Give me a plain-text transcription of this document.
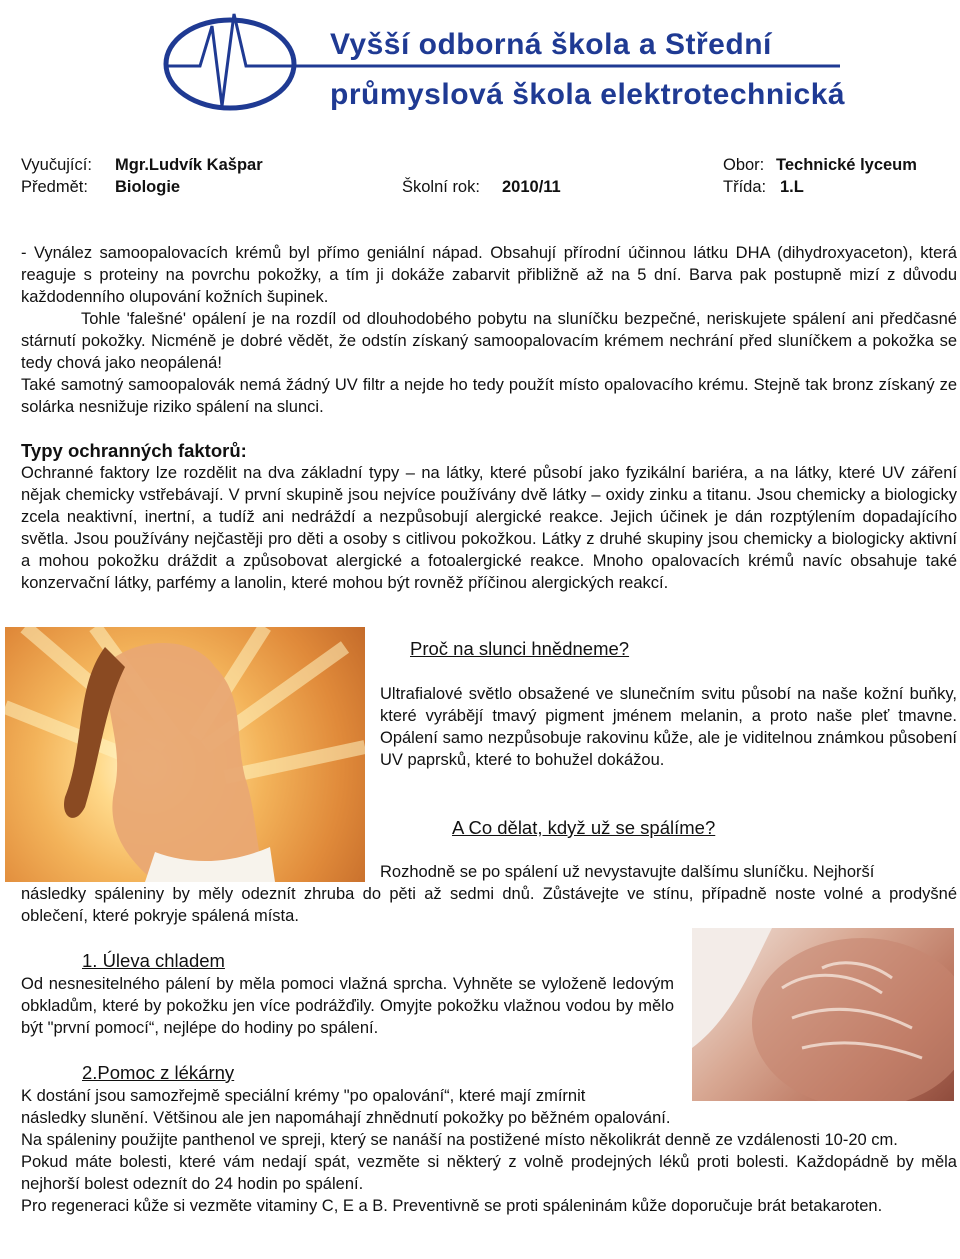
Vyšší odborná škola a Střední
průmyslová škola elektrotechnická
Vyučující: Mgr.Ludvík Kašpar	Obor: Technické lyceum
Předmět: Biologie	Školní rok: 2010/11	Třída: 1.L

- Vynález samoopalovacích krémů byl přímo geniální nápad. Obsahují přírodní účinnou látku DHA (dihydroxyaceton), která reaguje s proteiny na povrchu pokožky, a tím ji dokáže zabarvit přibližně až na 5 dní. Barva pak postupně mizí z důvodu každodenního olupování kožních šupinek.

Tohle 'falešné' opálení je na rozdíl od dlouhodobého pobytu na sluníčku bezpečné, neriskujete spálení ani předčasné stárnutí pokožky. Nicméně je dobré vědět, že odstín získaný samoopalovacím krémem nechrání před sluníčkem a pokožka se tedy chová jako neopálená!

Také samotný samoopalovák nemá žádný UV filtr a nejde ho tedy použít místo opalovacího krému. Stejně tak bronz získaný ze solárka nesnižuje riziko spálení na slunci.

Typy ochranných faktorů:

Ochranné faktory lze rozdělit na dva základní typy – na látky, které působí jako fyzikální bariéra, a na látky, které UV záření nějak chemicky vstřebávají. V první skupině jsou nejvíce používány dvě látky – oxidy zinku a titanu. Jsou chemicky a biologicky zcela neaktivní, inertní, a tudíž ani nedráždí a nezpůsobují alergické reakce. Jejich účinek je dán rozptýlením dopadajícího světla. Jsou používány nejčastěji pro děti a osoby s citlivou pokožkou. Látky z druhé skupiny jsou chemicky a biologicky aktivní a mohou pokožku dráždit a způsobovat alergické a fotoalergické reakce. Mnoho opalovacích krémů navíc obsahuje také konzervační látky, parfémy a lanolin, které mohou být rovněž příčinou alergických reakcí.

Proč na slunci hnědneme?
Ultrafialové světlo obsažené ve slunečním svitu působí na naše kožní buňky, které vyrábějí tmavý pigment jménem melanin, a proto naše pleť tmavne. Opálení samo nezpůsobuje rakovinu kůže, ale je viditelnou známkou působení UV paprsků, které to bohužel dokážou.
A Co dělat, když už se spálíme?
Rozhodně se po spálení už nevystavujte dalšímu sluníčku. Nejhorší

následky spáleniny by měly odeznít zhruba do pěti až sedmi dnů. Zůstávejte ve stínu, případně noste volné a prodyšné oblečení, které pokryje spálená místa.

1. Úleva chladem
Od nesnesitelného pálení by měla pomoci vlažná sprcha. Vyhněte se vyloženě ledovým obkladům, které by pokožku jen více podrážďily. Omyjte pokožku vlažnou vodou by mělo být "první pomocí“, nejlépe do hodiny po spálení.
2.Pomoc z lékárny
K dostání jsou samozřejmě speciální krémy "po opalování“, které mají zmírnit

následky slunění. Většinou ale jen napomáhají zhnědnutí pokožky po běžném opalování.

Na spáleniny použijte panthenol ve spreji, který se nanáší na postižené místo několikrát denně ze vzdálenosti 10-20 cm.

Pokud máte bolesti, které vám nedají spát, vezměte si některý z volně prodejných léků proti bolesti. Každopádně by měla nejhorší bolest odeznít do 24 hodin po spálení.

Pro regeneraci kůže si vezměte vitaminy C, E a B. Preventivně se proti spáleninám kůže doporučuje brát betakaroten.
